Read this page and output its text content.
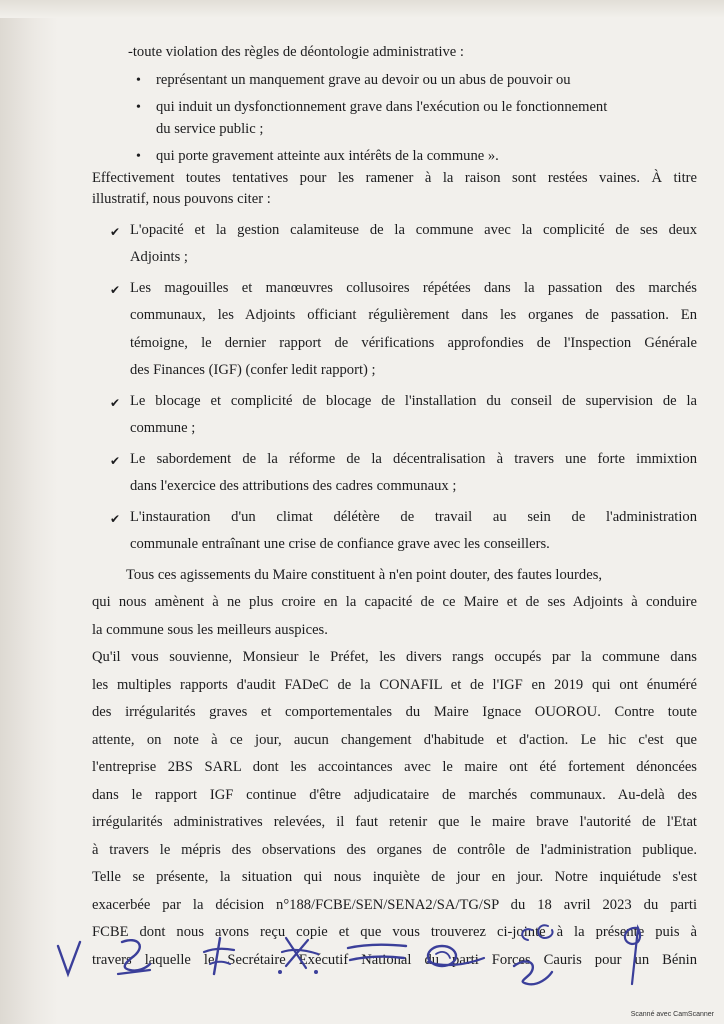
-toute violation des règles de déontologie administrative :

• représentant un manquement grave au devoir ou un abus de pouvoir ou

• qui induit un dysfonctionnement grave dans l'exécution ou le fonctionnement

du service public ;

• qui porte gravement atteinte aux intérêts de la commune ».

Effectivement toutes tentatives pour les ramener à la raison sont restées vaines. À titre

illustratif, nous pouvons citer :

✔ L'opacité et la gestion calamiteuse de la commune avec la complicité de ses deux

Adjoints ;

✔ Les magouilles et manœuvres collusoires répétées dans la passation des marchés

communaux, les Adjoints officiant régulièrement dans les organes de passation. En

témoigne, le dernier rapport de vérifications approfondies de l'Inspection Générale

des Finances (IGF) (confer ledit rapport) ;

✔ Le blocage et complicité de blocage de l'installation du conseil de supervision de la

commune ;

✔ Le sabordement de la réforme de la décentralisation à travers une forte immixtion

dans l'exercice des attributions des cadres communaux ;

✔ L'instauration d'un climat délétère de travail au sein de l'administration

communale entraînant une crise de confiance grave avec les conseillers.

Tous ces agissements du Maire constituent à n'en point douter, des fautes lourdes,

qui nous amènent à ne plus croire en la capacité de ce Maire et de ses Adjoints à conduire

la commune sous les meilleurs auspices.

Qu'il vous souvienne, Monsieur le Préfet, les divers rangs occupés par la commune dans

les multiples rapports d'audit FADeC de la CONAFIL et de l'IGF en 2019 qui ont énuméré

des irrégularités graves et comportementales du Maire Ignace OUOROU. Contre toute

attente, on note à ce jour, aucun changement d'habitude et d'action. Le hic c'est que

l'entreprise 2BS SARL dont les accointances avec le maire ont été fortement dénoncées

dans le rapport IGF continue d'être adjudicataire de marchés communaux. Au-delà des

irrégularités administratives relevées, il faut retenir que le maire brave l'autorité de l'Etat

à travers le mépris des observations des organes de contrôle de l'administration publique.

Telle se présente, la situation qui nous inquiète de jour en jour. Notre inquiétude s'est

exacerbée par la décision n°188/FCBE/SEN/SENA2/SA/TG/SP du 18 avril 2023 du parti

FCBE dont nous avons reçu copie et que vous trouverez ci-jointe à la présente puis à

travers laquelle le Secrétaire Exécutif National du parti Forces Cauris pour un Bénin

Scanné avec CamScanner
